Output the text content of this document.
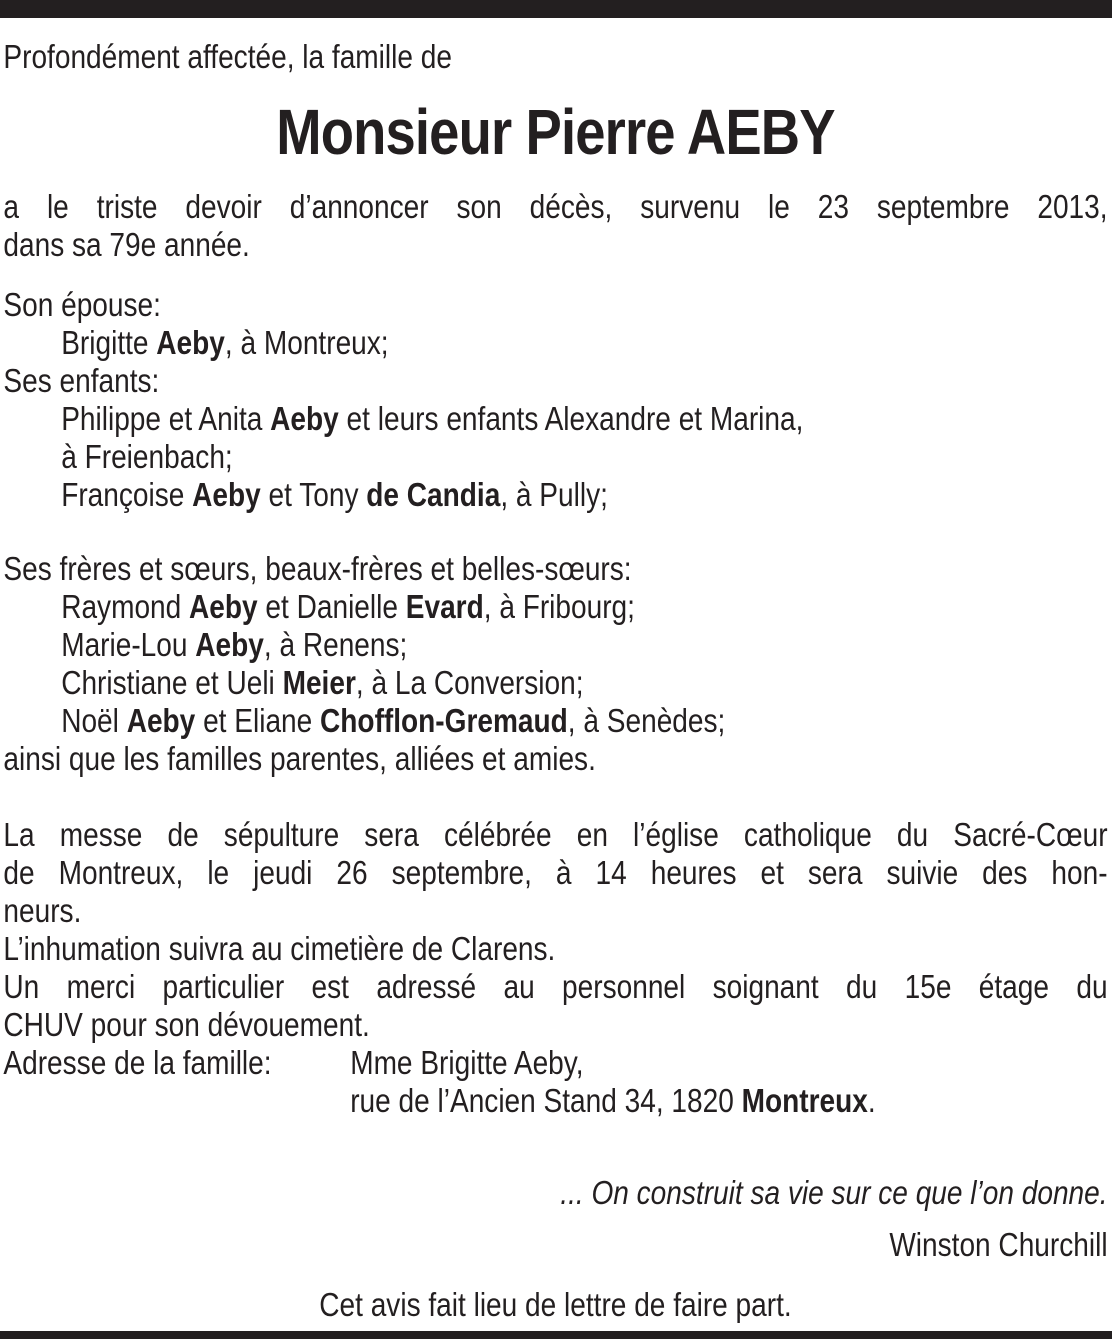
Profondément affectée, la famille de
Monsieur Pierre AEBY
a le triste devoir d’annoncer son décès, survenu le 23 septembre 2013,
dans sa 79e année.
Son épouse:
Brigitte Aeby, à Montreux;
Ses enfants:
Philippe et Anita Aeby et leurs enfants Alexandre et Marina,
à Freienbach;
Françoise Aeby et Tony de Candia, à Pully;
Ses frères et sœurs, beaux-frères et belles-sœurs:
Raymond Aeby et Danielle Evard, à Fribourg;
Marie-Lou Aeby, à Renens;
Christiane et Ueli Meier, à La Conversion;
Noël Aeby et Eliane Chofflon-Gremaud, à Senèdes;
ainsi que les familles parentes, alliées et amies.
La messe de sépulture sera célébrée en l’église catholique du Sacré-Cœur
de Montreux, le jeudi 26 septembre, à 14 heures et sera suivie des hon-
neurs.
L’inhumation suivra au cimetière de Clarens.
Un merci particulier est adressé au personnel soignant du 15e étage du
CHUV pour son dévouement.
Adresse de la famille: Mme Brigitte Aeby,
rue de l’Ancien Stand 34, 1820 Montreux.
... On construit sa vie sur ce que l’on donne.
Winston Churchill
Cet avis fait lieu de lettre de faire part.
